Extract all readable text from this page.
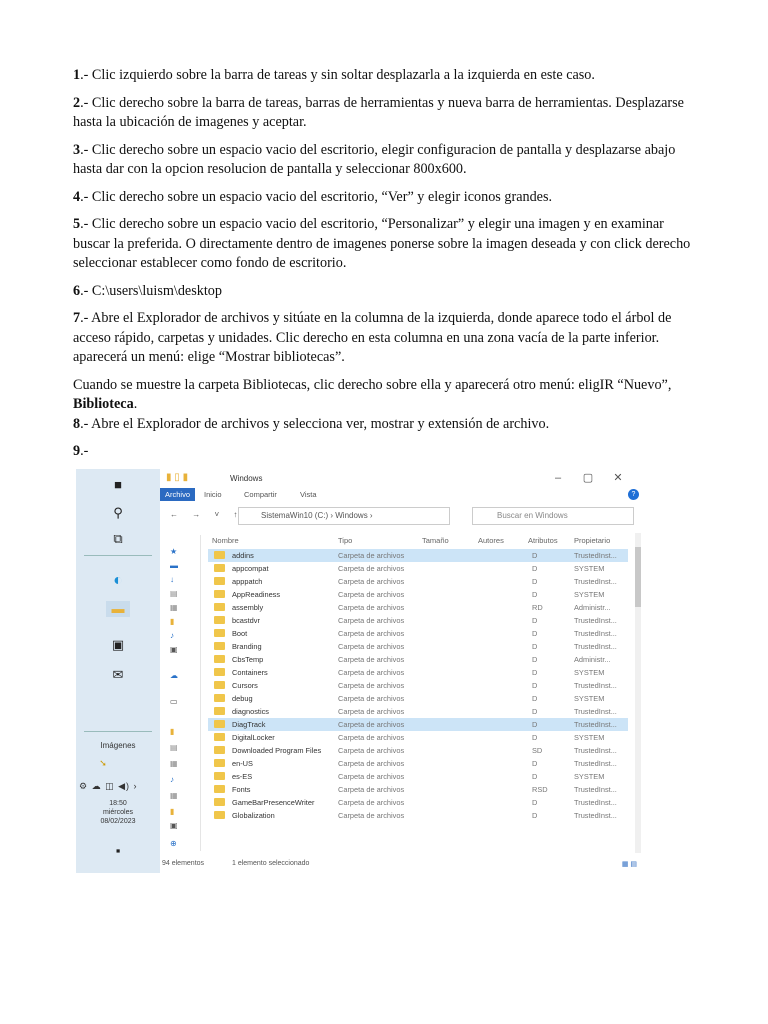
1.- Clic izquierdo sobre la barra de tareas y sin soltar desplazarla a la izquierda en este caso.

2.- Clic derecho sobre la barra de tareas, barras de herramientas y nueva barra de herramientas. Desplazarse hasta la ubicación de imagenes y aceptar.

3.- Clic derecho sobre un espacio vacio del escritorio, elegir configuracion de pantalla y desplazarse abajo hasta dar con la opcion resolucion de pantalla y seleccionar 800x600.

4.- Clic derecho sobre un espacio vacio del escritorio, “Ver” y elegir iconos grandes.

5.- Clic derecho sobre un espacio vacio del escritorio, “Personalizar” y elegir una imagen y en examinar buscar la preferida. O directamente dentro de imagenes ponerse sobre la imagen deseada y con click derecho seleccionar establecer como fondo de escritorio.

6.- C:\users\luism\desktop

7.- Abre el Explorador de archivos y sitúate en la columna de la izquierda, donde aparece todo el árbol de acceso rápido, carpetas y unidades. Clic derecho en esta columna en una zona vacía de la parte inferior. aparecerá un menú: elige “Mostrar bibliotecas”.

Cuando se muestre la carpeta Bibliotecas, clic derecho sobre ella y aparecerá otro menú: eligIR “Nuevo”, Biblioteca.

8.- Abre el Explorador de archivos y selecciona ver, mostrar y extensión de archivo.

9.-

■
⚲
⧉
◐
▬
▣
✉
Imágenes
➘
⚙ ☁ ◫ ◀) ›
18:50
miércoles
08/02/2023
▪
▮ ▯ ▮	Windows	– ▢ ✕
Archivo	Inicio	Compartir	Vista	?
← → ˅ ↑ SistemaWin10 (C:) › Windows ›	Buscar en Windows
★
▬
↓
▤
▦
▮
♪
▣
☁
▭
▮
▤
▦
♪
▦
▮
▣
⊕
Nombre	Tipo	Tamaño	Autores	Atributos Propietario
addins	Carpeta de archivos	D	TrustedInst...
appcompat	Carpeta de archivos	D	SYSTEM
apppatch	Carpeta de archivos	D	TrustedInst...
AppReadiness	Carpeta de archivos	D	SYSTEM
assembly	Carpeta de archivos	RD	Administr...
bcastdvr	Carpeta de archivos	D	TrustedInst...
Boot	Carpeta de archivos	D	TrustedInst...
Branding	Carpeta de archivos	D	TrustedInst...
CbsTemp	Carpeta de archivos	D	Administr...
Containers	Carpeta de archivos	D	SYSTEM
Cursors	Carpeta de archivos	D	TrustedInst...
debug	Carpeta de archivos	D	SYSTEM
diagnostics	Carpeta de archivos	D	TrustedInst...
DiagTrack	Carpeta de archivos	D	TrustedInst...
DigitalLocker	Carpeta de archivos	D	SYSTEM
Downloaded Program Files Carpeta de archivos	SD	TrustedInst...
en-US	Carpeta de archivos	D	TrustedInst...
es-ES	Carpeta de archivos	D	SYSTEM
Fonts	Carpeta de archivos	RSD	TrustedInst...
GameBarPresenceWriter	Carpeta de archivos	D	TrustedInst...
Globalization	Carpeta de archivos	D	TrustedInst...
94 elementos	1 elemento seleccionado	▦ ▤
